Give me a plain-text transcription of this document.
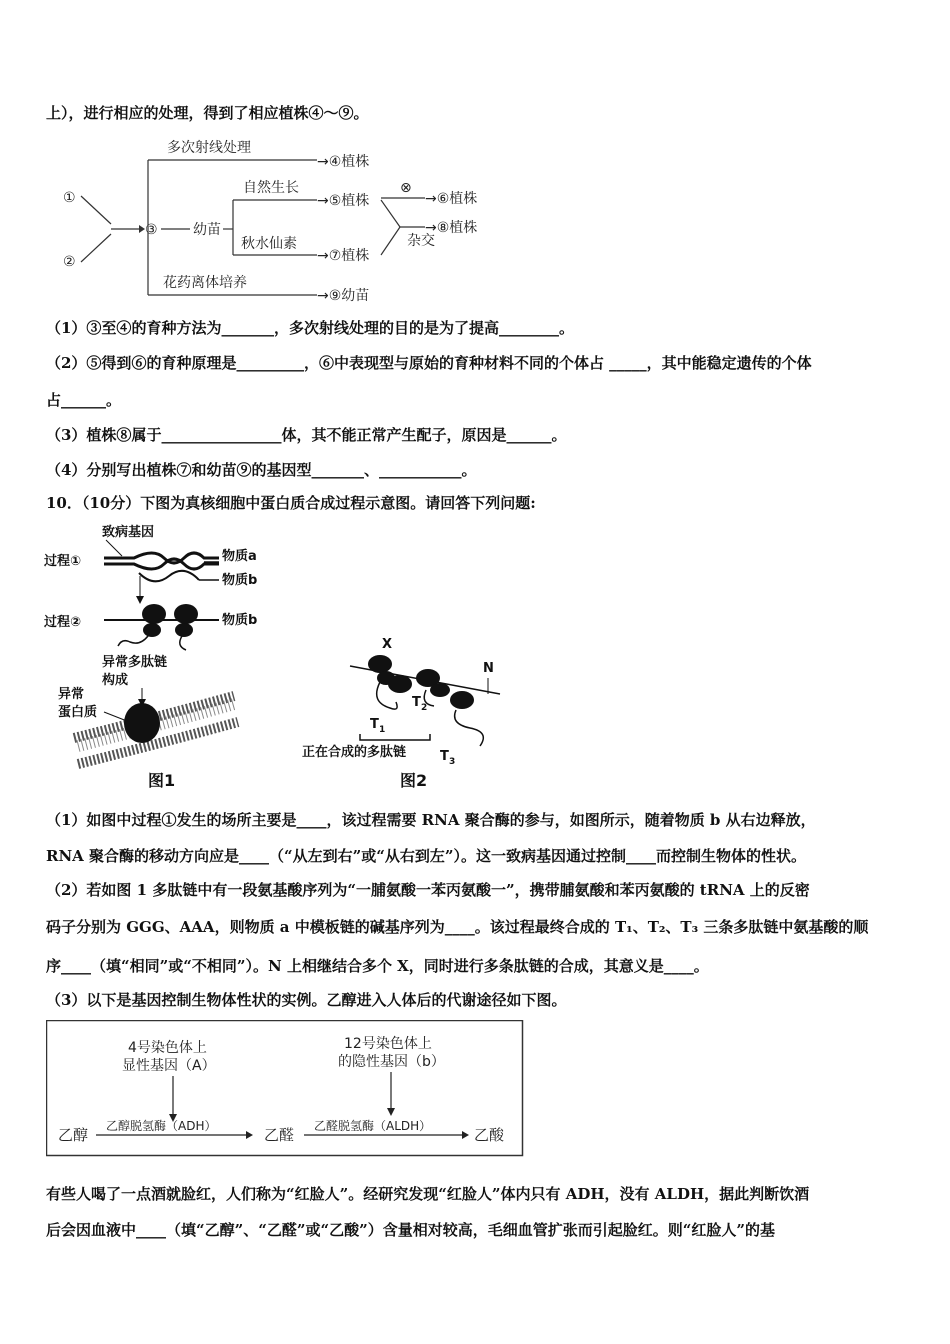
上），进行相应的处理，得到了相应植株④～⑨。
①
②
③	幼苗
多次射线处理
→④植株
花药离体培养
→⑨幼苗
自然生长
秋水仙素
→⑤植株
→⑦植株
杂交
→⑧植株
⊗
→⑥植株
（1）③至④的育种方法为_______，多次射线处理的目的是为了提高________。
（2）⑤得到⑥的育种原理是_________，⑥中表现型与原始的育种材料不同的个体占 _____，其中能稳定遗传的个体
占______。
（3）植株⑧属于________________体，其不能正常产生配子，原因是______。
（4）分别写出植株⑦和幼苗⑨的基因型_______、___________。
10．（10分）下图为真核细胞中蛋白质合成过程示意图。请回答下列问题:
致病基因
过程①	物质a
物质b
过程②	物质b
异常多肽链
构成
异常
蛋白质
图1
X
N
T 2
T 1
正在合成的多肽链	T 3
图2
（1）如图中过程①发生的场所主要是____，该过程需要 RNA 聚合酶的参与，如图所示，随着物质 b 从右边释放，
RNA 聚合酶的移动方向应是____（“从左到右”或“从右到左”）。这一致病基因通过控制____而控制生物体的性状。
（2）若如图 1 多肽链中有一段氨基酸序列为“一脯氨酸一苯丙氨酸一”，携带脯氨酸和苯丙氨酸的 tRNA 上的反密
码子分别为 GGG、AAA，则物质 a 中模板链的碱基序列为____。该过程最终合成的 T₁、T₂、T₃ 三条多肽链中氨基酸的顺
序____（填“相同”或“不相同”）。N 上相继结合多个 X，同时进行多条肽链的合成，其意义是____。
（3）以下是基因控制生物体性状的实例。乙醇进入人体后的代谢途径如下图。
4号染色体上
显性基因（A）
12号染色体上
的隐性基因（b）
乙醇 乙醇脱氢酶（ADH）	乙醛 乙醛脱氢酶（ALDH）	乙酸
有些人喝了一点酒就脸红，人们称为“红脸人”。经研究发现“红脸人”体内只有 ADH，没有 ALDH，据此判断饮酒
后会因血液中____（填“乙醇”、“乙醛”或“乙酸”）含量相对较高，毛细血管扩张而引起脸红。则“红脸人”的基
